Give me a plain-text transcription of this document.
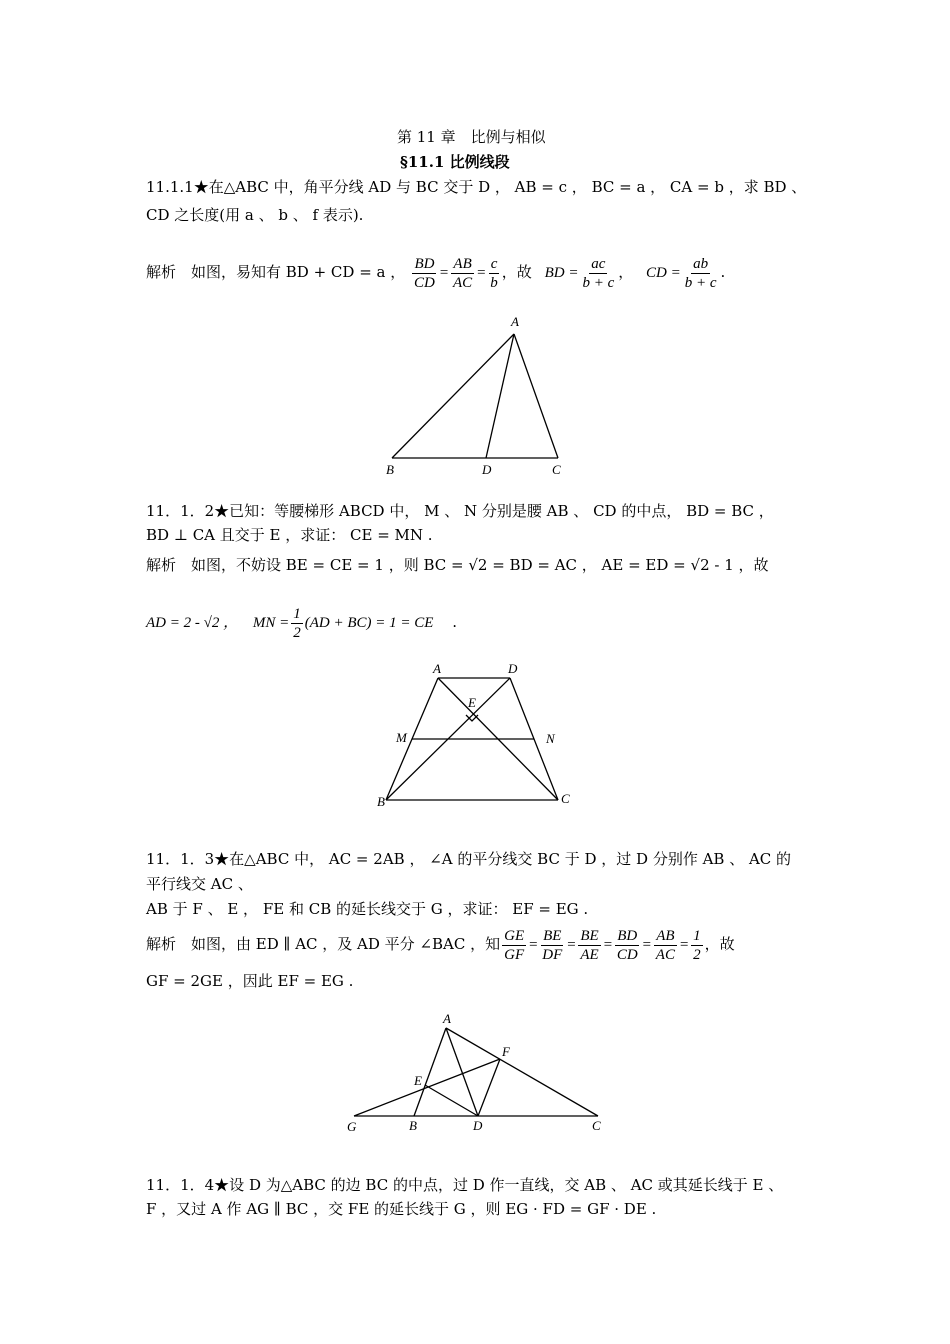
第 11 章　比例与相似
§11.1 比例线段
11.1.1★在△ABC 中，角平分线 AD 与 BC 交于 D ， AB = c ， BC = a ， CA = b ，求 BD 、
CD 之长度(用 a 、 b 、 f 表示).
解析　如图，易知有 BD + CD = a ， $\frac{BD}{CD} = \frac{AB}{AC} = \frac{c}{b}$ ，故 BD = $\frac{ac}{b + c}$ ， CD = $\frac{ab}{b + c}$ .
A
B	D	C
11．1．2★已知：等腰梯形 ABCD 中， M 、 N 分别是腰 AB 、 CD 的中点， BD = BC ，
BD ⊥ CA 且交于 E ，求证： CE = MN .
解析　如图，不妨设 BE = CE = 1 ，则 BC = √2 = BD = AC ， AE = ED = √2 - 1 ，故
AD = 2 - √2 ， MN = $\frac{1}{2} (AD + BC) = 1$ = CE .
A	D
E
M	N
B	C
11．1．3★在△ABC 中， AC = 2AB ， ∠A 的平分线交 BC 于 D ，过 D 分别作 AB 、 AC 的
平行线交 AC 、
AB 于 F 、 E ， FE 和 CB 的延长线交于 G ，求证： EF = EG .
解析　如图，由 ED ∥ AC ，及 AD 平分 ∠BAC ，知 $\frac{GE}{GF} = \frac{BE}{DF} = \frac{BE}{AE} = \frac{BD}{CD} = \frac{AB}{AC} = \frac{1}{2}$ ，故
GF = 2GE ，因此 EF = EG .
A
F
E
G	B	D	C
11．1．4★设 D 为△ABC 的边 BC 的中点，过 D 作一直线，交 AB 、 AC 或其延长线于 E 、
F ，又过 A 作 AG ∥ BC ，交 FE 的延长线于 G ，则 EG · FD = GF · DE .
